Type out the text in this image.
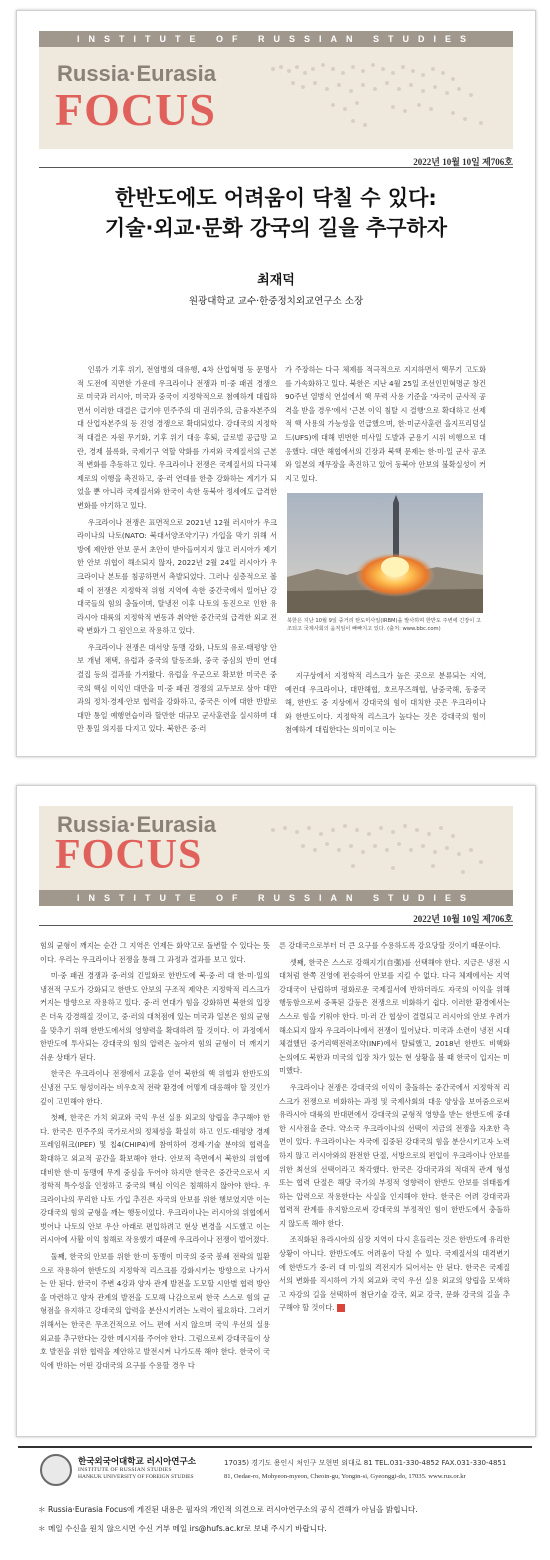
INSTITUTE OF RUSSIAN STUDIES
Russia·Eurasia
FOCUS
2022년 10월 10일 제706호
한반도에도 어려움이 닥칠 수 있다:
기술·외교·문화 강국의 길을 추구하자
최재덕
원광대학교 교수·한중정치외교연구소 소장

인류가 기후 위기, 전염병의 대유행, 4차 산업혁명 등 문명사적 도전에 직면한 가운데 우크라이나 전쟁과 미·중 패권 경쟁으로 미국과 러시아, 미국과 중국이 지정학적으로 첨예하게 대립하면서 이러한 대결은 급기야 민주주의 대 권위주의, 금융자본주의 대 산업자본주의 등 진영 경쟁으로 확대되었다. 강대국의 지정학적 대결은 자원 무기화, 기후 위기 대응 후퇴, 글로벌 공급망 교란, 경제 블록화, 국제기구 역할 약화를 가져와 국제질서의 근본적 변화를 추동하고 있다. 우크라이나 전쟁은 국제질서의 다극체제로의 이행을 촉진하고, 중·러 연대를 한층 강화하는 계기가 되었을 뿐 아니라 국제질서와 한국이 속한 동북아 정세에도 급격한 변화를 야기하고 있다.

우크라이나 전쟁은 표면적으로 2021년 12월 러시아가 우크라이나의 나토(NATO: 북대서양조약기구) 가입을 막기 위해 서방에 제안한 안보 문서 초안이 받아들여지지 않고 러시아가 제기한 안보 위협이 해소되지 않자, 2022년 2월 24일 러시아가 우크라이나 본토를 침공하면서 촉발되었다. 그러나 심층적으로 볼 때 이 전쟁은 지정학적 위험 지역에 속한 중간국에서 일어난 강대국들의 힘의 충돌이며, 탈냉전 이후 나토의 동진으로 인한 유라시아 대륙의 지정학적 변동과 취약한 중간국의 급격한 외교 전략 변화가 그 원인으로 작용하고 있다.

우크라이나 전쟁은 대서양 동맹 강화, 나토의 유로·태평양 안보 개념 채택, 유럽과 중국의 탈동조화, 중국 중심의 반미 연대 결집 등의 결과를 가져왔다. 유럽을 우군으로 확보한 미국은 중국의 핵심 이익인 대만을 미·중 패권 경쟁의 교두보로 삼아 대만과의 정치·경제·안보 협력을 강화하고, 중국은 이에 대한 반발로 대만 통일 예행연습이라 할만한 대규모 군사훈련을 실시하며 대만 통일 의지를 다지고 있다. 북한은 중·러

가 주장하는 다극 체제를 적극적으로 지지하면서 핵무기 고도화를 가속화하고 있다. 북한은 지난 4월 25일 조선인민혁명군 창건 90주년 열병식 연설에서 핵 무력 사용 기준을 '자국이 군사적 공격을 받을 경우'에서 '근본 이익 침탈 시 결행'으로 확대하고 선제적 핵 사용의 가능성을 언급했으며, 한·미군사훈련 을지프리덤실드(UFS)에 대해 빈번한 미사일 도발과 군용기 시위 비행으로 대응했다. 대만 해협에서의 긴장과 북핵 문제는 한·미·일 군사 공조와 일본의 재무장을 촉진하고 있어 동북아 안보의 불확실성이 커지고 있다.

북한은 지난 10월 9일 중거리 탄도미사일(IRBM)을 발사하며 한반도 주변에 긴장이 고조되고 국제사회의 움직임이 빠빠지고 있다. (출처: www.bbc.com)

지구상에서 지정학적 리스크가 높은 곳으로 분류되는 지역, 예컨대 우크라이나, 대만해협, 호르무즈해협, 남중국해, 동중국해, 한반도 중 지상에서 강대국의 힘이 대치한 곳은 우크라이나와 한반도이다. 지정학적 리스크가 높다는 것은 강대국의 힘이 첨예하게 대립한다는 의미이고 이는

Russia·Eurasia
FOCUS
INSTITUTE OF RUSSIAN STUDIES
2022년 10월 10일 제706호

힘의 균형이 깨지는 순간 그 지역은 언제든 화약고로 돌변할 수 있다는 뜻이다. 우리는 우크라이나 전쟁을 통해 그 과정과 결과를 보고 있다.

미·중 패권 경쟁과 중·러의 긴밀화로 한반도에 북·중·러 대 한·미·일의 냉전적 구도가 강화되고 한반도 안보의 구조적 제약은 지정학적 리스크가 커지는 방향으로 작용하고 있다. 중·러 연대가 힘을 강화하면 북한의 입장은 더욱 강경해질 것이고, 중·러의 대척점에 있는 미국과 일본은 힘의 균형을 맞추기 위해 한반도에서의 영향력을 확대하려 할 것이다. 이 과정에서 한반도에 투사되는 강대국의 힘의 압력은 높아져 힘의 균형이 더 깨지기 쉬운 상태가 된다.

한국은 우크라이나 전쟁에서 교훈을 얻어 북한의 핵 위협과 한반도의 신냉전 구도 형성이라는 비우호적 전략 환경에 어떻게 대응해야 할 것인가 깊이 고민해야 한다.

첫째, 한국은 가치 외교와 국익 우선 실용 외교의 양립을 추구해야 한다. 한국은 민주주의 국가로서의 정체성을 확실히 하고 인도·태평양 경제프레임워크(IPEF) 및 칩4(CHIP4)에 참여하여 경제·기술 분야의 협력을 확대하고 외교적 공간을 확보해야 한다. 안보적 측면에서 북한의 위협에 대비한 한·미 동맹에 무게 중심을 두어야 하지만 한국은 중간국으로서 지정학적 특수성을 인정하고 중국의 핵심 이익은 침해하지 않아야 한다. 우크라이나의 무리한 나토 가입 추진은 자국의 안보를 위한 행보였지만 이는 강대국의 힘의 균형을 깨는 행동이었다. 우크라이나는 러시아의 위협에서 벗어나 나토의 안보 우산 아래로 편입하려고 현상 변경을 시도했고 이는 러시아에 사활 이익 침해로 작용했기 때문에 우크라이나 전쟁이 벌어졌다.

둘째, 한국의 안보를 위한 한·미 동맹이 미국의 중국 봉쇄 전략의 일환으로 작용하여 한반도의 지정학적 리스크를 강화시키는 방향으로 나가서는 안 된다. 한국이 주변 4강과 양자 관계 발전을 도모할 시안별 협력 방안을 마련하고 양자 관계의 발전을 도모해 나감으로써 한국 스스로 힘의 균형점을 유지하고 강대국의 압력을 분산시키려는 노력이 필요하다. 그러기 위해서는 한국은 무조건적으로 어느 편에 서지 않으며 국익 우선의 실용 외교를 추구한다는 강한 메시지를 주어야 한다. 그럼으로써 강대국들이 상호 발전을 위한 협력을 제안하고 발전시켜 나가도록 해야 한다. 한국이 국익에 반하는 어떤 강대국의 요구를 수용할 경우 다

른 강대국으로부터 더 큰 요구를 수용하도록 강요당할 것이기 때문이다.

셋째, 한국은 스스로 강해지기(自强)를 선택해야 한다. 지금은 냉전 시대처럼 한쪽 진영에 편승하여 안보를 지킬 수 없다. 다극 체제에서는 지역 강대국이 난립하며 평화로운 국제질서에 반하더라도 자국의 이익을 위해 행동함으로써 중폭된 갈등은 전쟁으로 비화하기 쉽다. 이러한 환경에서는 스스로 힘을 키워야 한다. 미·러 간 협상이 결렬되고 러시아의 안보 우려가 해소되지 않자 우크라이나에서 전쟁이 일어났다. 미국과 소련이 냉전 시대 체결했던 중거리핵전력조약(INF)에서 탈퇴했고, 2018년 한반도 비핵화 논의에도 북한과 미국의 입장 차가 있는 현 상황을 볼 때 한국이 입지는 미미했다.

우크라이나 전쟁은 강대국의 이익이 충돌하는 중간국에서 지정학적 리스크가 전쟁으로 비화하는 과정 및 국제사회의 대응 양상을 보여줌으로써 유라시아 대륙의 반대편에서 강대국의 균형적 영향을 받는 한반도에 중대한 시사점을 준다. 약소국 우크라이나의 선택이 지금의 전쟁을 자초한 측면이 있다. 우크라이나는 자국에 집중된 강대국의 힘을 분산시키고자 노력하지 않고 러시아와의 완전한 단절, 서방으로의 편입이 우크라이나 안보를 위한 최선의 선택이라고 착각했다. 한국은 강대국과의 적대적 관계 형성 또는 협력 단절은 해당 국가의 부정적 영향력이 한반도 안보를 위태롭게 하는 압력으로 작용한다는 사실을 인지해야 한다. 한국은 어려 강대국과 협력적 관계를 유지함으로써 강대국의 부정적인 힘이 한반도에서 충돌하지 않도록 해야 한다.

조직화된 유라시아의 심장 지역이 다시 흔들리는 것은 한반도에 유리한 상황이 아니다. 한반도에도 어려움이 닥칠 수 있다. 국제질서의 대격변기에 한반도가 중·러 대 미·일의 격전지가 되어서는 안 된다. 한국은 국제질서의 변화를 직시하여 가치 외교와 국익 우선 실용 외교의 양립을 모색하고 자강의 길을 선택하여 첨단기술 강국, 외교 강국, 문화 강국의 길을 추구해야 할 것이다.

한국외국어대학교 러시아연구소
INSTITUTE OF RUSSIAN STUDIES
HANKUK UNIVERSITY OF FOREIGN STUDIES
17035) 경기도 용인시 처인구 모현면 외대로 81 TEL.031-330-4852 FAX.031-330-4851
81, Oedae-ro, Mohyeon-myeon, Cheoin-gu, Yongin-si, Gyeonggi-do, 17035. www.rus.or.kr
＊ Russia·Eurasia Focus에 게진된 내용은 필자의 개인적 의견으로 러시아연구소의 공식 견해가 아님을 밝힙니다.
＊ 메일 수신을 원치 않으시면 수신 거부 메일 irs@hufs.ac.kr로 보내 주시기 바랍니다.
